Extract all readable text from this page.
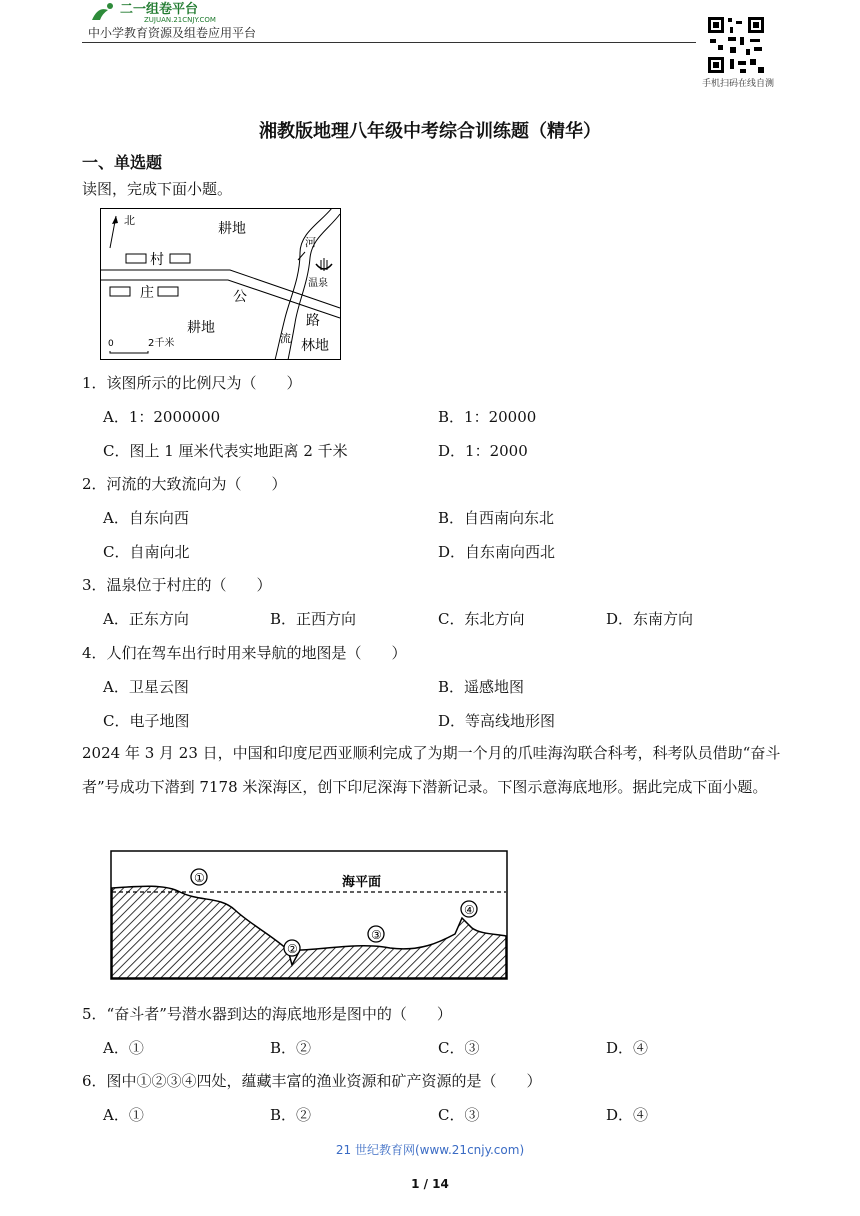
二一组卷平台
ZUJUAN.21CNJY.COM
中小学教育资源及组卷应用平台
手机扫码在线自测
湘教版地理八年级中考综合训练题（精华）
一、单选题
读图，完成下面小题。
北
耕地
村
庄	公
路
耕地
河
流
温泉
林地
0	2千米
1．该图所示的比例尺为（　　）
A．1：2000000	B．1：20000
C．图上 1 厘米代表实地距离 2 千米	D．1：2000
2．河流的大致流向为（　　）
A．自东向西	B．自西南向东北
C．自南向北	D．自东南向西北
3．温泉位于村庄的（　　）
A．正东方向	B．正西方向	C．东北方向	D．东南方向
4．人们在驾车出行时用来导航的地图是（　　）
A．卫星云图	B．遥感地图
C．电子地图	D．等高线地形图
2024 年 3 月 23 日，中国和印度尼西亚顺利完成了为期一个月的爪哇海沟联合科考，科考队员借助“奋斗者”号成功下潜到 7178 米深海区，创下印尼深海下潜新记录。下图示意海底地形。据此完成下面小题。
海平面
①
②
③
④
5．“奋斗者”号潜水器到达的海底地形是图中的（　　）
A．①	B．②	C．③	D．④
6．图中①②③④四处，蕴藏丰富的渔业资源和矿产资源的是（　　）
A．①	B．②	C．③	D．④
21 世纪教育网(www.21cnjy.com)
1 / 14
